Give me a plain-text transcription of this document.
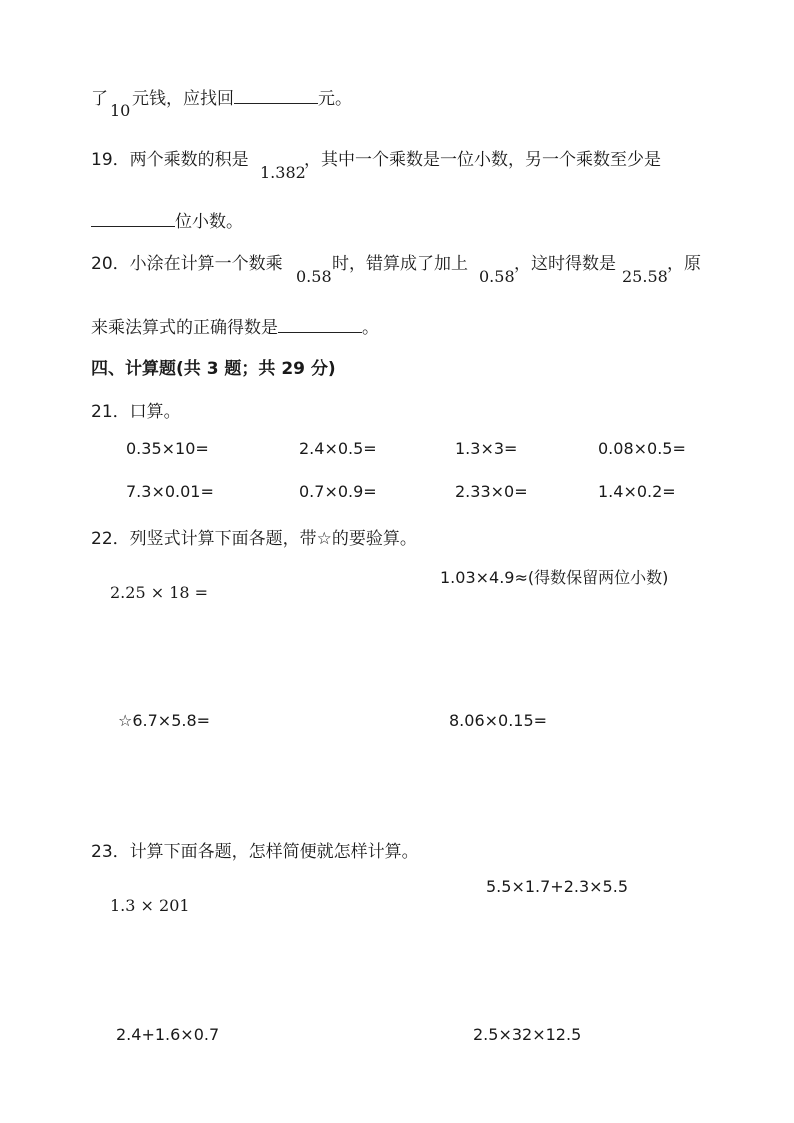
了
10
元钱，应找回	元。
19．两个乘数的积是
1.382
，其中一个乘数是一位小数，另一个乘数至少是
位小数。
20．小涂在计算一个数乘
0.58
时，错算成了加上
0.58
，这时得数是
25.58
，原
来乘法算式的正确得数是	。
四、计算题(共 3 题；共 29 分)
21．口算。
0.35×10=	2.4×0.5=	1.3×3=	0.08×0.5=
7.3×0.01=	0.7×0.9=	2.33×0=	1.4×0.2=
22．列竖式计算下面各题，带☆的要验算。
2.25 × 18 =
1.03×4.9≈(得数保留两位小数)
☆6.7×5.8=	8.06×0.15=
23．计算下面各题，怎样简便就怎样计算。
1.3 × 201
5.5×1.7+2.3×5.5
2.4+1.6×0.7	2.5×32×12.5
